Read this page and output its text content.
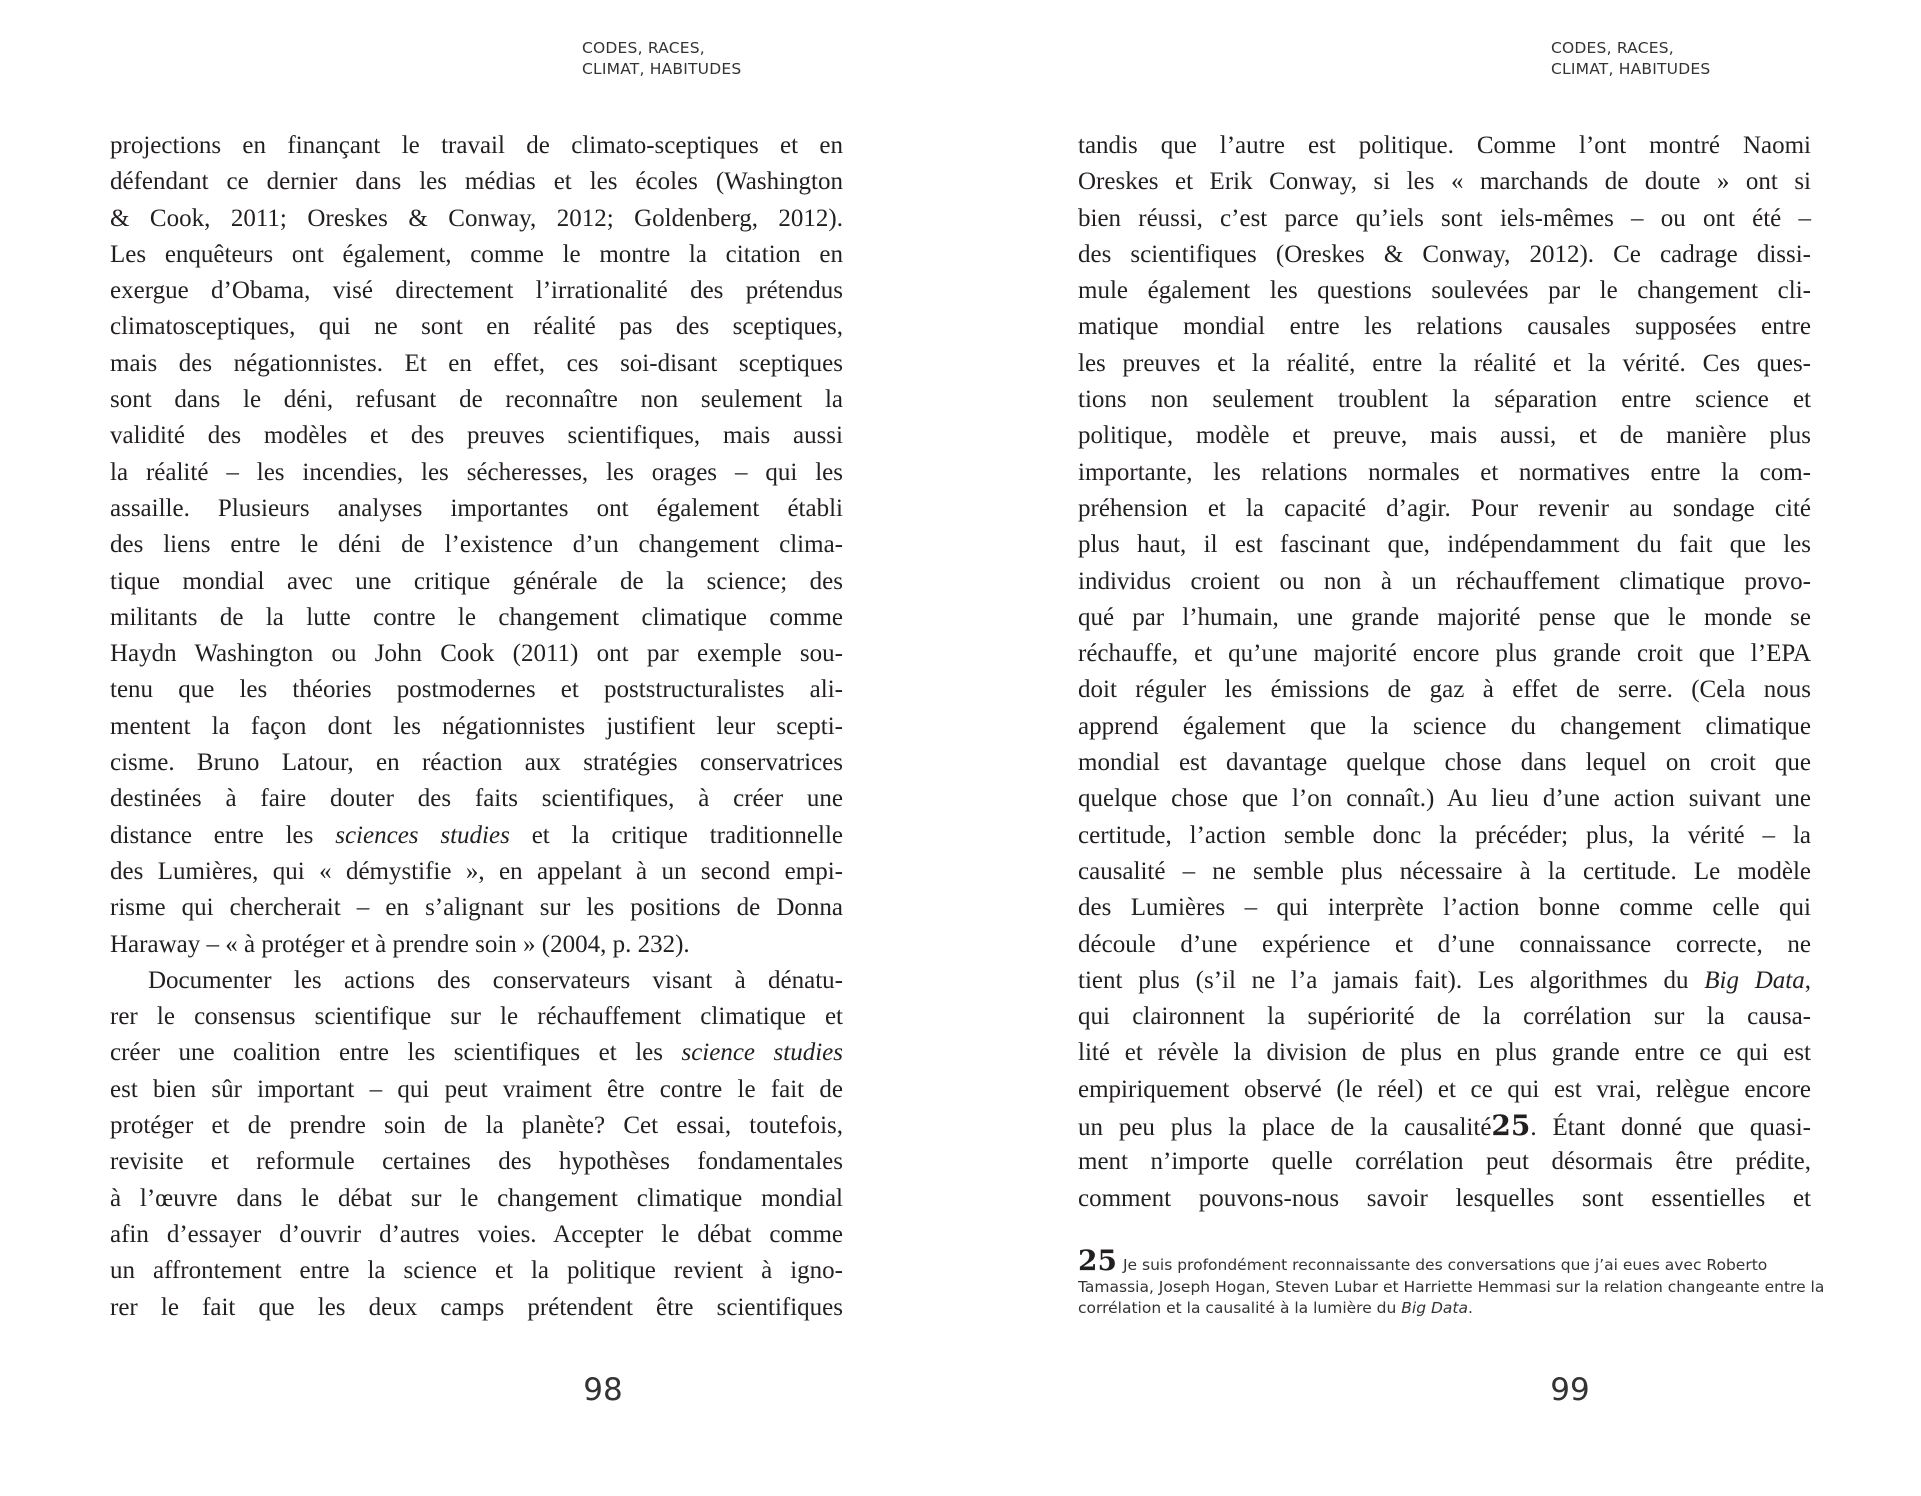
CODES, RACES,
CLIMAT, HABITUDES
CODES, RACES,
CLIMAT, HABITUDES
projections en finançant le travail de climato-sceptiques et en
défendant ce dernier dans les médias et les écoles (Washington
& Cook, 2011; Oreskes & Conway, 2012; Goldenberg, 2012).
Les enquêteurs ont également, comme le montre la citation en
exergue d’Obama, visé directement l’irrationalité des prétendus
climatosceptiques, qui ne sont en réalité pas des sceptiques,
mais des négationnistes. Et en effet, ces soi-disant sceptiques
sont dans le déni, refusant de reconnaître non seulement la
validité des modèles et des preuves scientifiques, mais aussi
la réalité – les incendies, les sécheresses, les orages – qui les
assaille. Plusieurs analyses importantes ont également établi
des liens entre le déni de l’existence d’un changement clima-
tique mondial avec une critique générale de la science; des
militants de la lutte contre le changement climatique comme
Haydn Washington ou John Cook (2011) ont par exemple sou-
tenu que les théories postmodernes et poststructuralistes ali-
mentent la façon dont les négationnistes justifient leur scepti-
cisme. Bruno Latour, en réaction aux stratégies conservatrices
destinées à faire douter des faits scientifiques, à créer une
distance entre les sciences studies et la critique traditionnelle
des Lumières, qui « démystifie », en appelant à un second empi-
risme qui chercherait – en s’alignant sur les positions de Donna
Haraway – « à protéger et à prendre soin » (2004, p. 232).
Documenter les actions des conservateurs visant à dénatu-
rer le consensus scientifique sur le réchauffement climatique et
créer une coalition entre les scientifiques et les science studies
est bien sûr important – qui peut vraiment être contre le fait de
protéger et de prendre soin de la planète? Cet essai, toutefois,
revisite et reformule certaines des hypothèses fondamentales
à l’œuvre dans le débat sur le changement climatique mondial
afin d’essayer d’ouvrir d’autres voies. Accepter le débat comme
un affrontement entre la science et la politique revient à igno-
rer le fait que les deux camps prétendent être scientifiques
tandis que l’autre est politique. Comme l’ont montré Naomi
Oreskes et Erik Conway, si les « marchands de doute » ont si
bien réussi, c’est parce qu’iels sont iels-mêmes – ou ont été –
des scientifiques (Oreskes & Conway, 2012). Ce cadrage dissi-
mule également les questions soulevées par le changement cli-
matique mondial entre les relations causales supposées entre
les preuves et la réalité, entre la réalité et la vérité. Ces ques-
tions non seulement troublent la séparation entre science et
politique, modèle et preuve, mais aussi, et de manière plus
importante, les relations normales et normatives entre la com-
préhension et la capacité d’agir. Pour revenir au sondage cité
plus haut, il est fascinant que, indépendamment du fait que les
individus croient ou non à un réchauffement climatique provo-
qué par l’humain, une grande majorité pense que le monde se
réchauffe, et qu’une majorité encore plus grande croit que l’EPA
doit réguler les émissions de gaz à effet de serre. (Cela nous
apprend également que la science du changement climatique
mondial est davantage quelque chose dans lequel on croit que
quelque chose que l’on connaît.) Au lieu d’une action suivant une
certitude, l’action semble donc la précéder; plus, la vérité – la
causalité – ne semble plus nécessaire à la certitude. Le modèle
des Lumières – qui interprète l’action bonne comme celle qui
découle d’une expérience et d’une connaissance correcte, ne
tient plus (s’il ne l’a jamais fait). Les algorithmes du Big Data,
qui claironnent la supériorité de la corrélation sur la causa-
lité et révèle la division de plus en plus grande entre ce qui est
empiriquement observé (le réel) et ce qui est vrai, relègue encore
un peu plus la place de la causalité25. Étant donné que quasi-
ment n’importe quelle corrélation peut désormais être prédite,
comment pouvons-nous savoir lesquelles sont essentielles et
25 Je suis profondément reconnaissante des conversations que j’ai eues avec Roberto Tamassia, Joseph Hogan, Steven Lubar et Harriette Hemmasi sur la relation changeante entre la corrélation et la causalité à la lumière du Big Data.
98	99
